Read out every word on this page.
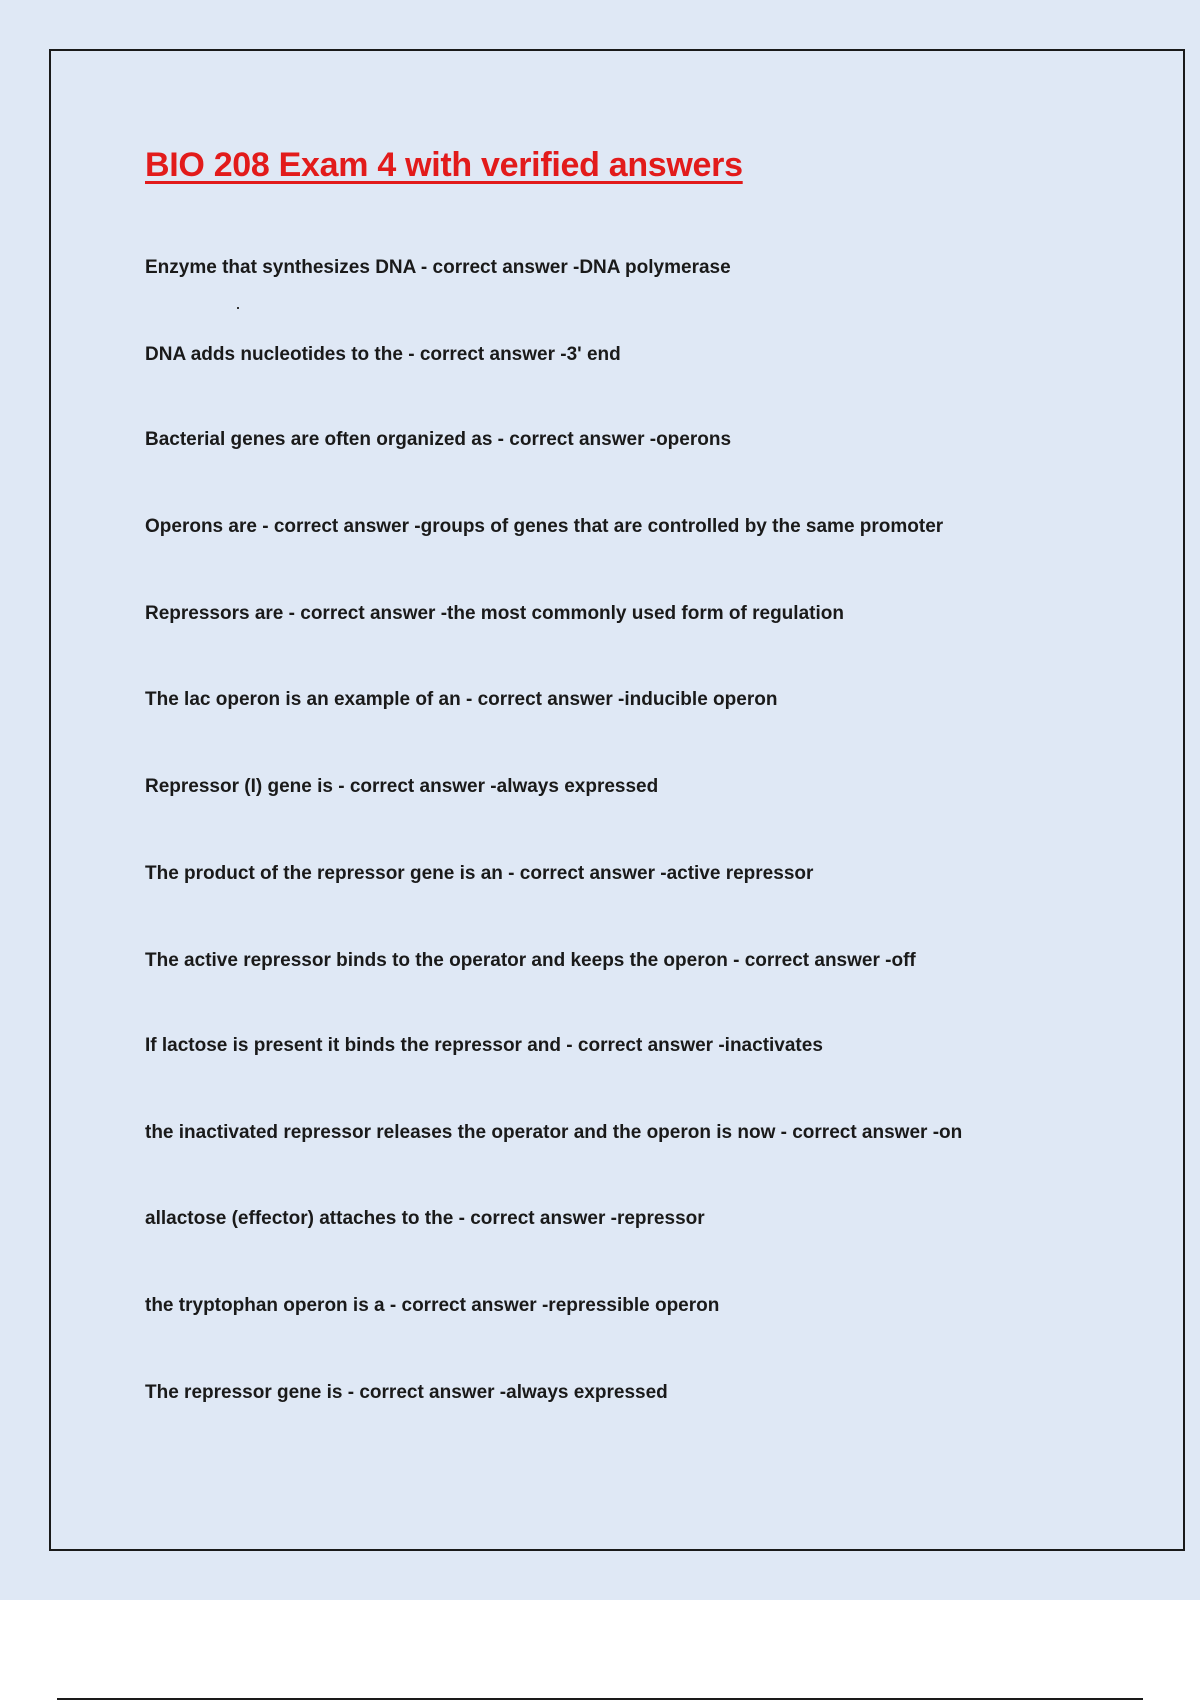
BIO 208 Exam 4 with verified answers

Enzyme that synthesizes DNA - correct answer -DNA polymerase

DNA adds nucleotides to the - correct answer -3' end

Bacterial genes are often organized as - correct answer -operons

Operons are - correct answer -groups of genes that are controlled by the same promoter

Repressors are - correct answer -the most commonly used form of regulation

The lac operon is an example of an - correct answer -inducible operon

Repressor (I) gene is - correct answer -always expressed

The product of the repressor gene is an - correct answer -active repressor

The active repressor binds to the operator and keeps the operon - correct answer -off

If lactose is present it binds the repressor and - correct answer -inactivates

the inactivated repressor releases the operator and the operon is now - correct answer -on

allactose (effector) attaches to the - correct answer -repressor

the tryptophan operon is a - correct answer -repressible operon

The repressor gene is - correct answer -always expressed
